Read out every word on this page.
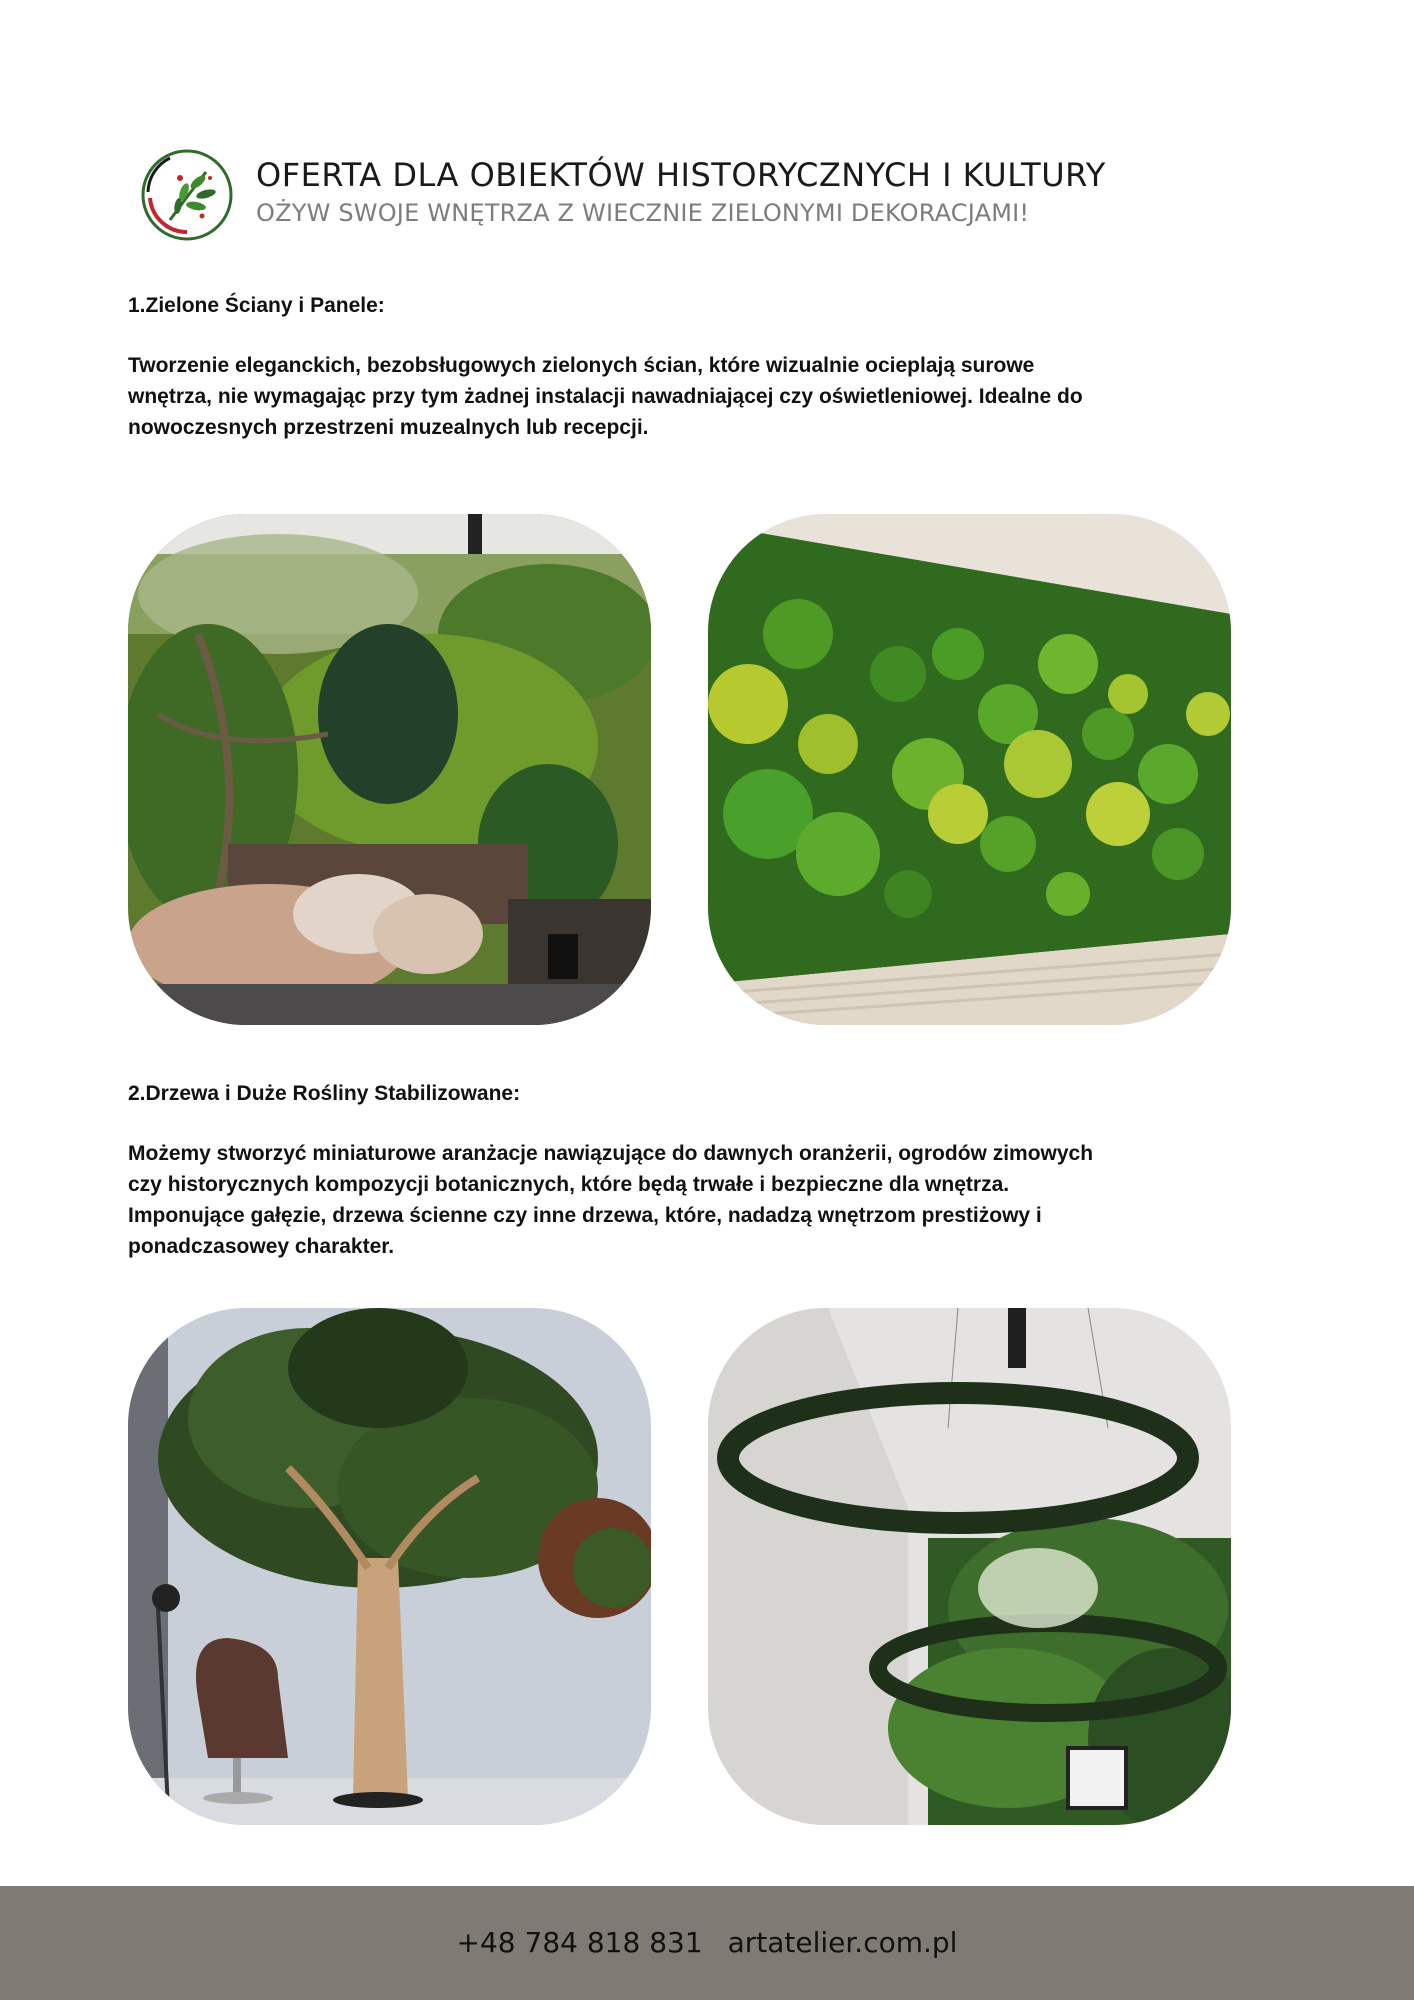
OFERTA DLA OBIEKTÓW HISTORYCZNYCH I KULTURY
OŻYW SWOJE WNĘTRZA Z WIECZNIE ZIELONYMI DEKORACJAMI!
1.Zielone Ściany i Panele:
Tworzenie eleganckich, bezobsługowych zielonych ścian, które wizualnie ocieplają surowe
wnętrza, nie wymagając przy tym żadnej instalacji nawadniającej czy oświetleniowej. Idealne do
nowoczesnych przestrzeni muzealnych lub recepcji.
2.Drzewa i Duże Rośliny Stabilizowane:
Możemy stworzyć miniaturowe aranżacje nawiązujące do dawnych oranżerii, ogrodów zimowych
czy historycznych kompozycji botanicznych, które będą trwałe i bezpieczne dla wnętrza.
Imponujące gałęzie, drzewa ścienne czy inne drzewa, które, nadadzą wnętrzom prestiżowy i
ponadczasowey charakter.
+48 784 818 831 artatelier.com.pl
